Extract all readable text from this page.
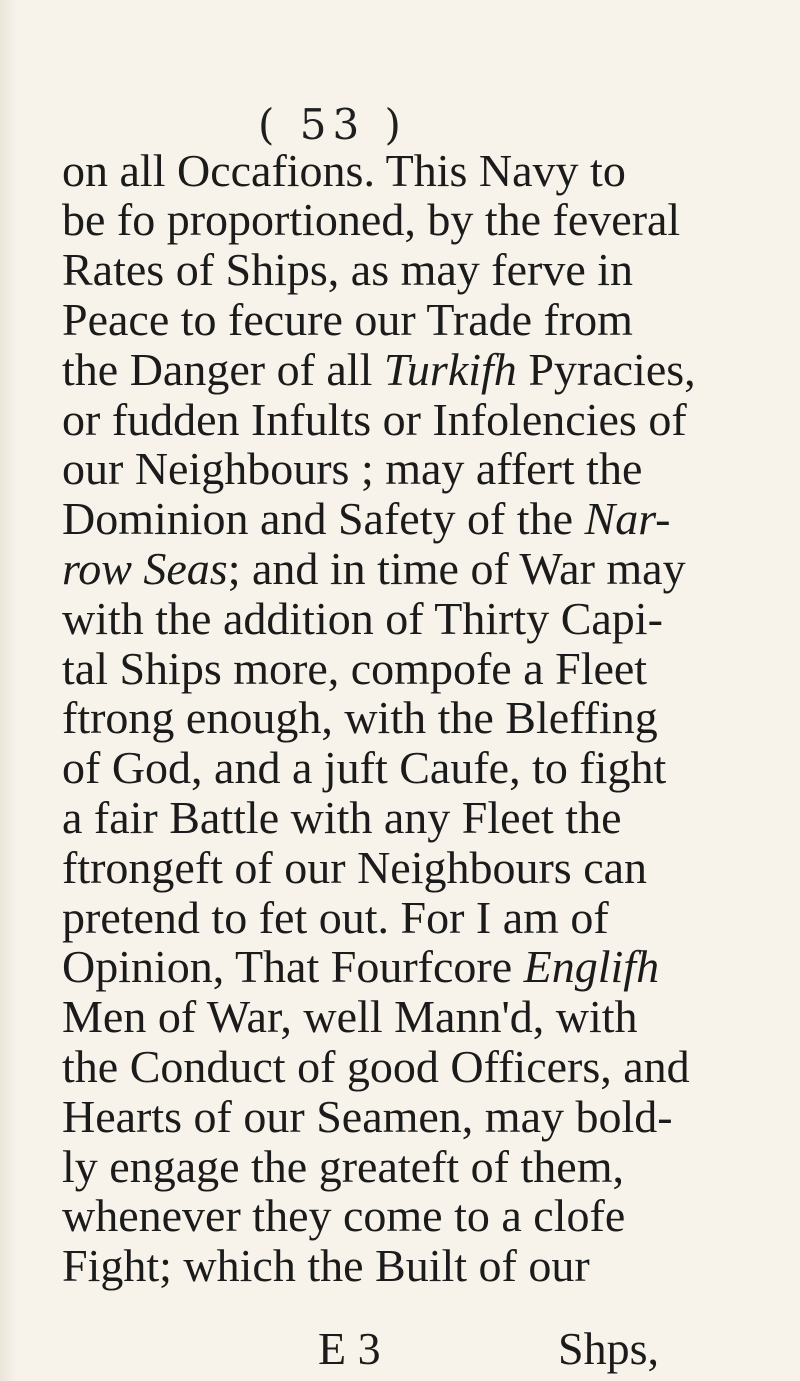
( 53 )
on all Occafions. This Navy to
be fo proportioned, by the feveral
Rates of Ships, as may ferve in
Peace to fecure our Trade from
the Danger of all Turkifh Pyracies,
or fudden Infults or Infolencies of
our Neighbours ; may affert the
Dominion and Safety of the Nar-
row Seas; and in time of War may
with the addition of Thirty Capi-
tal Ships more, compofe a Fleet
ftrong enough, with the Bleffing
of God, and a juft Caufe, to fight
a fair Battle with any Fleet the
ftrongeft of our Neighbours can
pretend to fet out. For I am of
Opinion, That Fourfcore Englifh
Men of War, well Mann'd, with
the Conduct of good Officers, and
Hearts of our Seamen, may bold-
ly engage the greateft of them,
whenever they come to a clofe
Fight; which the Built of our
E 3	Shps,
